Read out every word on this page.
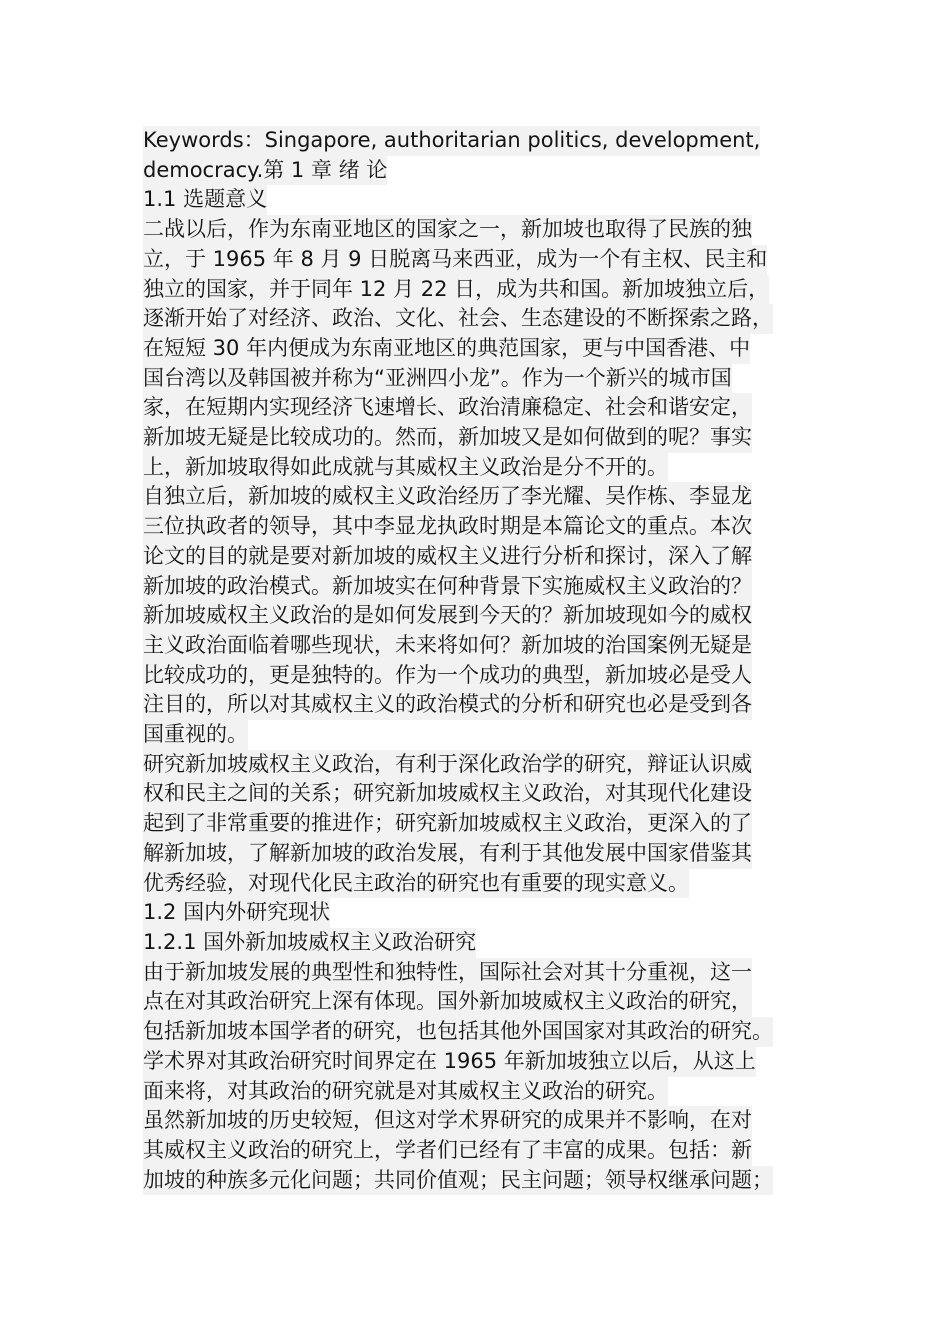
Keywords：Singapore, authoritarian politics, development,
democracy.第 1 章 绪 论
1.1 选题意义
二战以后，作为东南亚地区的国家之一，新加坡也取得了民族的独
立，于 1965 年 8 月 9 日脱离马来西亚，成为一个有主权、民主和
独立的国家，并于同年 12 月 22 日，成为共和国。新加坡独立后，
逐渐开始了对经济、政治、文化、社会、生态建设的不断探索之路，
在短短 30 年内便成为东南亚地区的典范国家，更与中国香港、中
国台湾以及韩国被并称为“亚洲四小龙”。作为一个新兴的城市国
家，在短期内实现经济飞速增长、政治清廉稳定、社会和谐安定，
新加坡无疑是比较成功的。然而，新加坡又是如何做到的呢？事实
上，新加坡取得如此成就与其威权主义政治是分不开的。
自独立后，新加坡的威权主义政治经历了李光耀、吴作栋、李显龙
三位执政者的领导，其中李显龙执政时期是本篇论文的重点。本次
论文的目的就是要对新加坡的威权主义进行分析和探讨，深入了解
新加坡的政治模式。新加坡实在何种背景下实施威权主义政治的？
新加坡威权主义政治的是如何发展到今天的？新加坡现如今的威权
主义政治面临着哪些现状，未来将如何？新加坡的治国案例无疑是
比较成功的，更是独特的。作为一个成功的典型，新加坡必是受人
注目的，所以对其威权主义的政治模式的分析和研究也必是受到各
国重视的。
研究新加坡威权主义政治，有利于深化政治学的研究，辩证认识威
权和民主之间的关系；研究新加坡威权主义政治，对其现代化建设
起到了非常重要的推进作；研究新加坡威权主义政治，更深入的了
解新加坡，了解新加坡的政治发展，有利于其他发展中国家借鉴其
优秀经验，对现代化民主政治的研究也有重要的现实意义。
1.2 国内外研究现状
1.2.1 国外新加坡威权主义政治研究
由于新加坡发展的典型性和独特性，国际社会对其十分重视，这一
点在对其政治研究上深有体现。国外新加坡威权主义政治的研究，
包括新加坡本国学者的研究，也包括其他外国国家对其政治的研究。
学术界对其政治研究时间界定在 1965 年新加坡独立以后，从这上
面来将，对其政治的研究就是对其威权主义政治的研究。
虽然新加坡的历史较短，但这对学术界研究的成果并不影响，在对
其威权主义政治的研究上，学者们已经有了丰富的成果。包括：新
加坡的种族多元化问题；共同价值观；民主问题；领导权继承问题；
